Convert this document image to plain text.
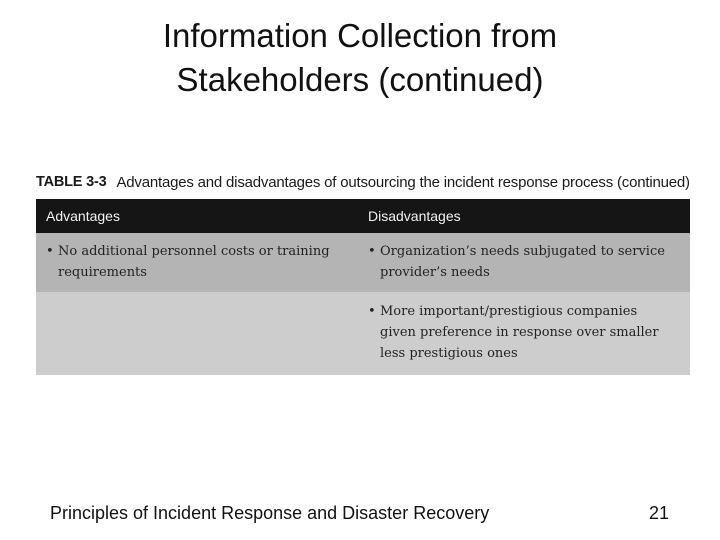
Information Collection from
Stakeholders (continued)
TABLE 3-3 Advantages and disadvantages of outsourcing the incident response process (continued)
Advantages	Disadvantages
• No additional personnel costs or training requirements
• Organization’s needs subjugated to service provider’s needs
• More important/prestigious companies given preference in response over smaller less prestigious ones
Principles of Incident Response and Disaster Recovery	21
